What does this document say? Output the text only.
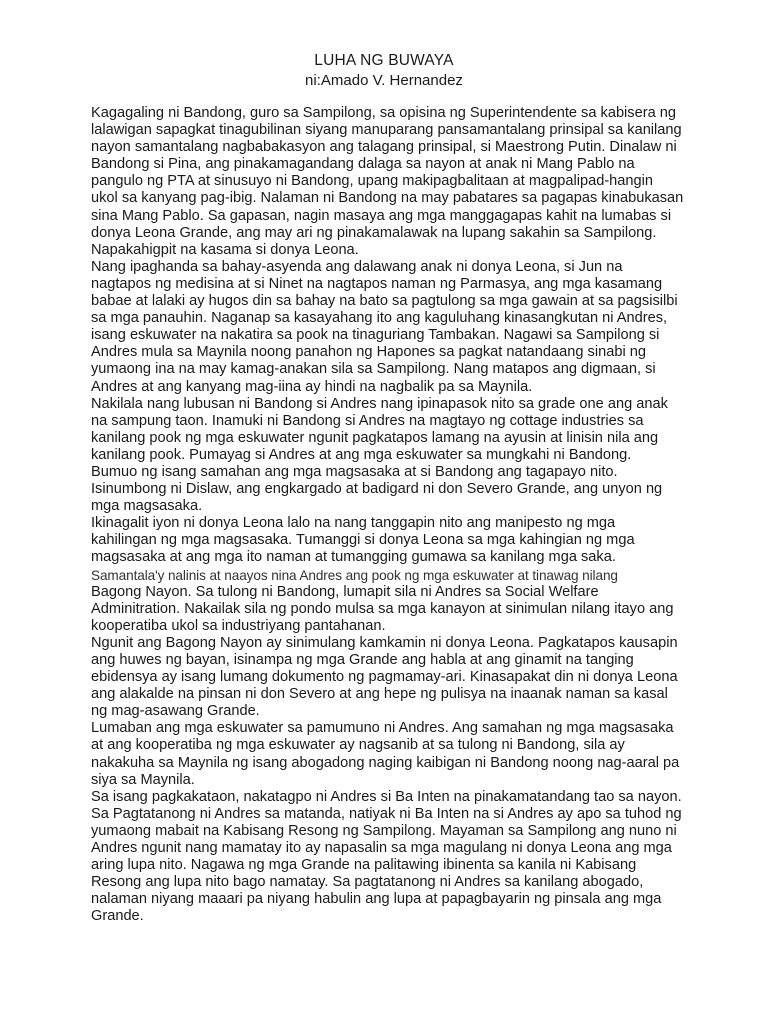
LUHA NG BUWAYA

ni:Amado V. Hernandez

Kagagaling ni Bandong, guro sa Sampilong, sa opisina ng Superintendente sa kabisera ng
lalawigan sapagkat tinagubilinan siyang manuparang pansamantalang prinsipal sa kanilang
nayon samantalang nagbabakasyon ang talagang prinsipal, si Maestrong Putin. Dinalaw ni
Bandong si Pina, ang pinakamagandang dalaga sa nayon at anak ni Mang Pablo na
pangulo ng PTA at sinusuyo ni Bandong, upang makipagbalitaan at magpalipad-hangin
ukol sa kanyang pag-ibig. Nalaman ni Bandong na may pabatares sa pagapas kinabukasan
sina Mang Pablo. Sa gapasan, nagin masaya ang mga manggagapas kahit na lumabas si
donya Leona Grande, ang may ari ng pinakamalawak na lupang sakahin sa Sampilong.
Napakahigpit na kasama si donya Leona.

Nang ipaghanda sa bahay-asyenda ang dalawang anak ni donya Leona, si Jun na
nagtapos ng medisina at si Ninet na nagtapos naman ng Parmasya, ang mga kasamang
babae at lalaki ay hugos din sa bahay na bato sa pagtulong sa mga gawain at sa pagsisilbi
sa mga panauhin. Naganap sa kasayahang ito ang kaguluhang kinasangkutan ni Andres,
isang eskuwater na nakatira sa pook na tinaguriang Tambakan. Nagawi sa Sampilong si
Andres mula sa Maynila noong panahon ng Hapones sa pagkat natandaang sinabi ng
yumaong ina na may kamag-anakan sila sa Sampilong. Nang matapos ang digmaan, si
Andres at ang kanyang mag-iina ay hindi na nagbalik pa sa Maynila.

Nakilala nang lubusan ni Bandong si Andres nang ipinapasok nito sa grade one ang anak
na sampung taon. Inamuki ni Bandong si Andres na magtayo ng cottage industries sa
kanilang pook ng mga eskuwater ngunit pagkatapos lamang na ayusin at linisin nila ang
kanilang pook. Pumayag si Andres at ang mga eskuwater sa mungkahi ni Bandong.

Bumuo ng isang samahan ang mga magsasaka at si Bandong ang tagapayo nito.
Isinumbong ni Dislaw, ang engkargado at badigard ni don Severo Grande, ang unyon ng
mga magsasaka.

Ikinagalit iyon ni donya Leona lalo na nang tanggapin nito ang manipesto ng mga
kahilingan ng mga magsasaka. Tumanggi si donya Leona sa mga kahingian ng mga
magsasaka at ang mga ito naman at tumangging gumawa sa kanilang mga saka.

Samantala'y nalinis at naayos nina Andres ang pook ng mga eskuwater at tinawag nilang
Bagong Nayon. Sa tulong ni Bandong, lumapit sila ni Andres sa Social Welfare
Adminitration. Nakailak sila ng pondo mulsa sa mga kanayon at sinimulan nilang itayo ang
kooperatiba ukol sa industriyang pantahanan.

Ngunit ang Bagong Nayon ay sinimulang kamkamin ni donya Leona. Pagkatapos kausapin
ang huwes ng bayan, isinampa ng mga Grande ang habla at ang ginamit na tanging
ebidensya ay isang lumang dokumento ng pagmamay-ari. Kinasapakat din ni donya Leona
ang alakalde na pinsan ni don Severo at ang hepe ng pulisya na inaanak naman sa kasal
ng mag-asawang Grande.

Lumaban ang mga eskuwater sa pamumuno ni Andres. Ang samahan ng mga magsasaka
at ang kooperatiba ng mga eskuwater ay nagsanib at sa tulong ni Bandong, sila ay
nakakuha sa Maynila ng isang abogadong naging kaibigan ni Bandong noong nag-aaral pa
siya sa Maynila.

Sa isang pagkakataon, nakatagpo ni Andres si Ba Inten na pinakamatandang tao sa nayon.
Sa Pagtatanong ni Andres sa matanda, natiyak ni Ba Inten na si Andres ay apo sa tuhod ng
yumaong mabait na Kabisang Resong ng Sampilong. Mayaman sa Sampilong ang nuno ni
Andres ngunit nang mamatay ito ay napasalin sa mga magulang ni donya Leona ang mga
aring lupa nito. Nagawa ng mga Grande na palitawing ibinenta sa kanila ni Kabisang
Resong ang lupa nito bago namatay. Sa pagtatanong ni Andres sa kanilang abogado,
nalaman niyang maaari pa niyang habulin ang lupa at papagbayarin ng pinsala ang mga
Grande.
